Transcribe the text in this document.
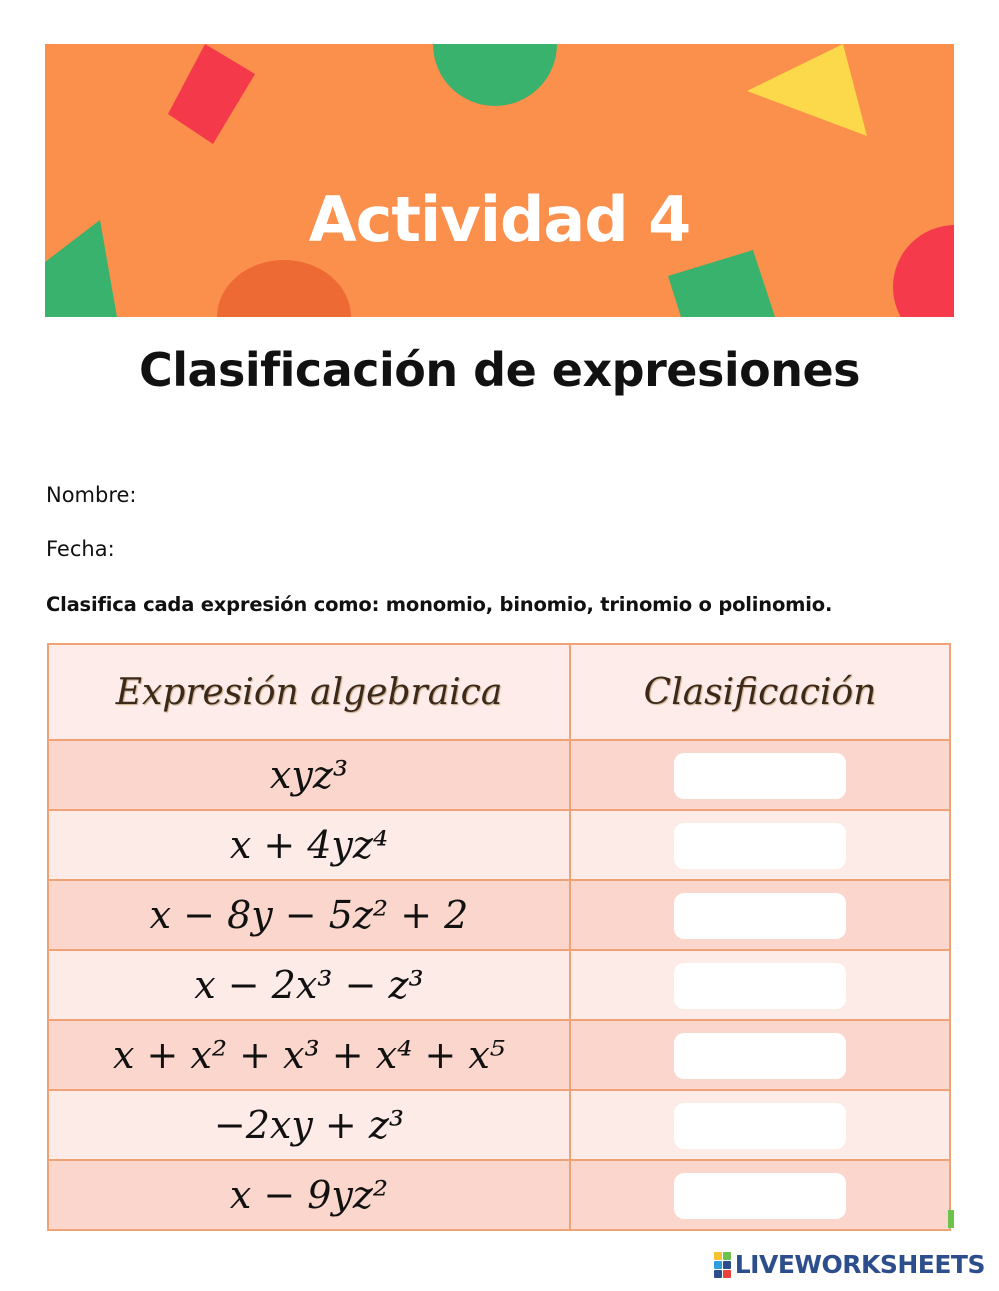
Actividad 4
Clasificación de expresiones
Nombre:
Fecha:
Clasifica cada expresión como: monomio, binomio, trinomio o polinomio.
Expresión algebraica	Clasificación
xyz³	
x + 4yz⁴	
x − 8y − 5z² + 2	
x − 2x³ − z³	
x + x² + x³ + x⁴ + x⁵	
−2xy + z³	
x − 9yz²	
LIVEWORKSHEETS
